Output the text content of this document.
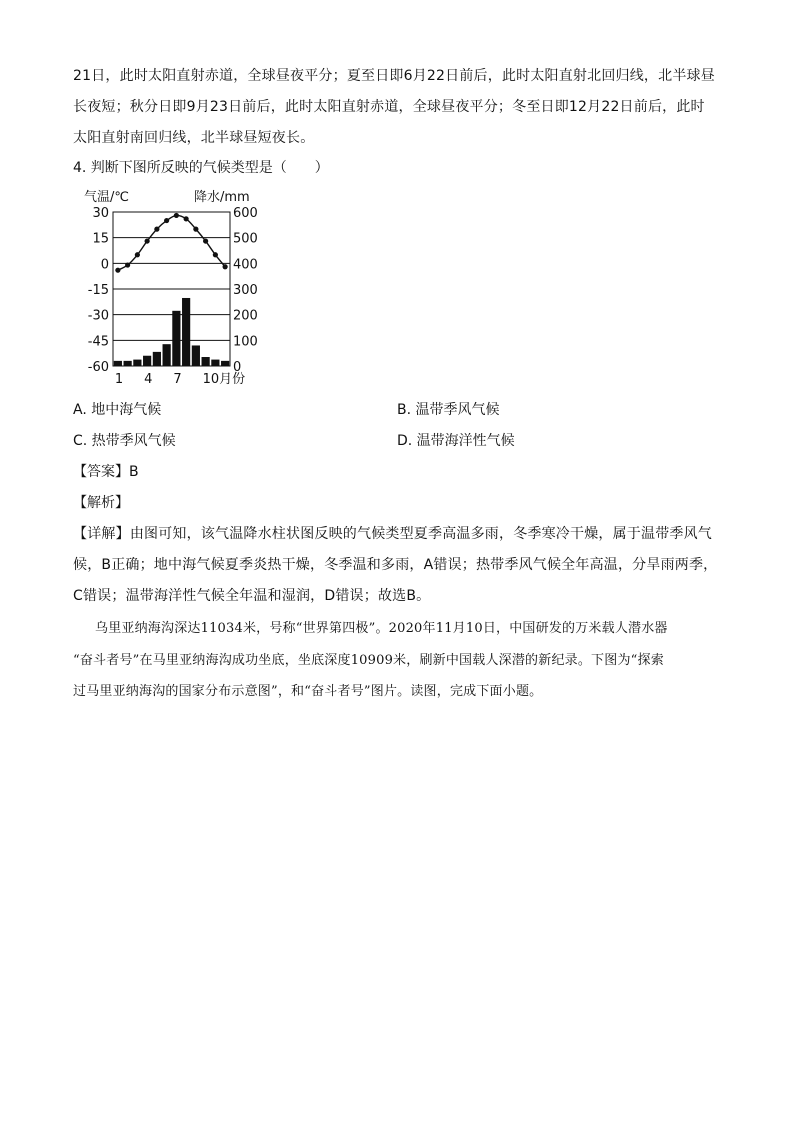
21日，此时太阳直射赤道，全球昼夜平分；夏至日即6月22日前后，此时太阳直射北回归线，北半球昼
长夜短；秋分日即9月23日前后，此时太阳直射赤道，全球昼夜平分；冬至日即12月22日前后，此时
太阳直射南回归线，北半球昼短夜长。
4. 判断下图所反映的气候类型是（　　）
气温/℃	降水/mm
30
15
0
-15
-30
-45
-60
600
500
400
300
200
100
0
1 4 7 10月份
A. 地中海气候	B. 温带季风气候
C. 热带季风气候	D. 温带海洋性气候
【答案】B
【解析】
【详解】由图可知，该气温降水柱状图反映的气候类型夏季高温多雨，冬季寒冷干燥，属于温带季风气
候，B正确；地中海气候夏季炎热干燥，冬季温和多雨，A错误；热带季风气候全年高温，分旱雨两季，
C错误；温带海洋性气候全年温和湿润，D错误；故选B。
乌里亚纳海沟深达11034米，号称“世界第四极”。2020年11月10日，中国研发的万米载人潜水器
“奋斗者号”在马里亚纳海沟成功坐底，坐底深度10909米，刷新中国载人深潜的新纪录。下图为“探索
过马里亚纳海沟的国家分布示意图”，和“奋斗者号”图片。读图，完成下面小题。
